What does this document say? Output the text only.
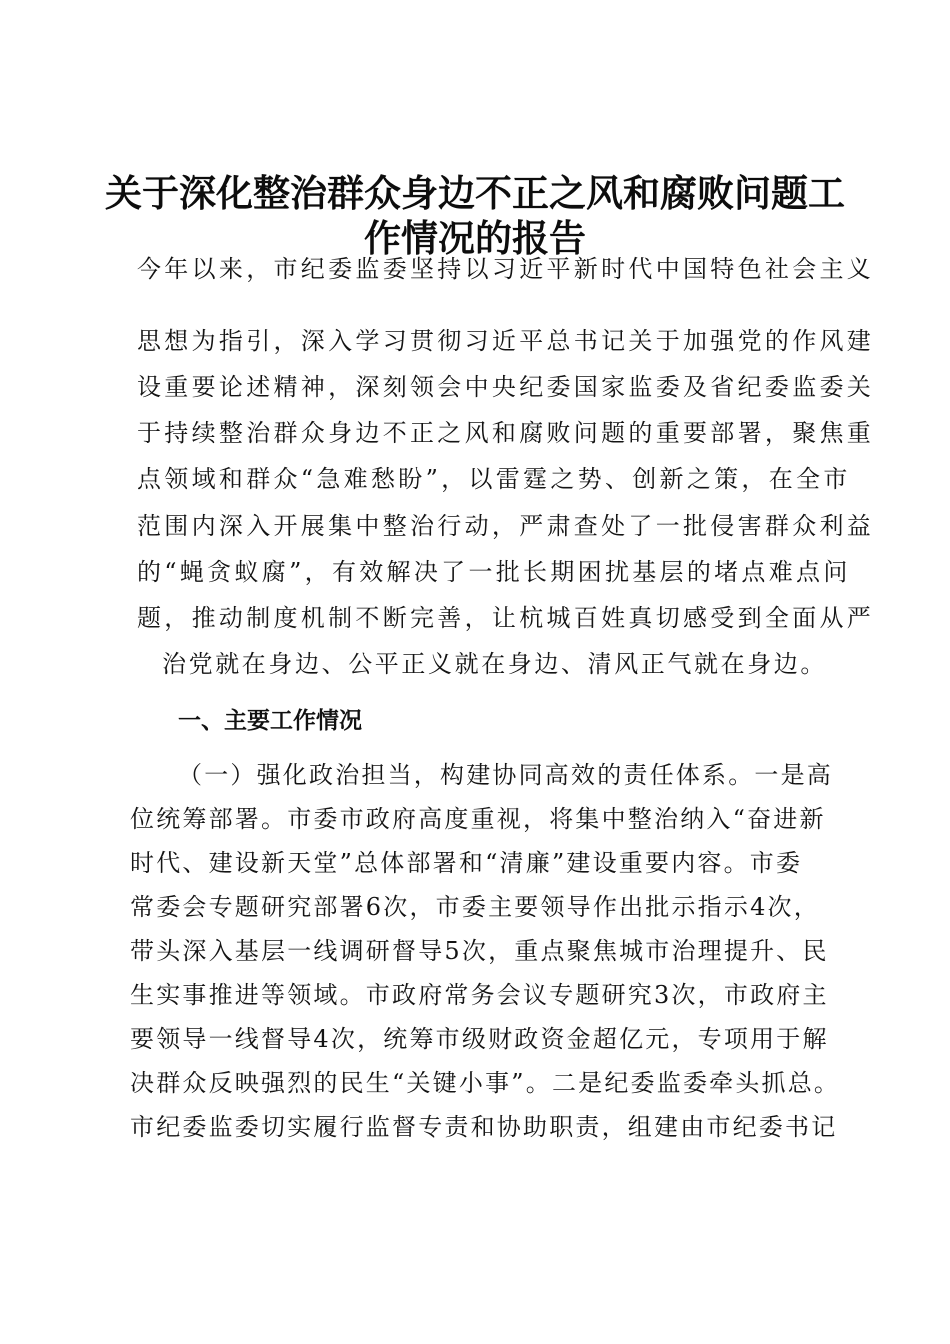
关于深化整治群众身边不正之风和腐败问题工
作情况的报告
今年以来，市纪委监委坚持以习近平新时代中国特色社会主义
思想为指引，深入学习贯彻习近平总书记关于加强党的作风建
设重要论述精神，深刻领会中央纪委国家监委及省纪委监委关
于持续整治群众身边不正之风和腐败问题的重要部署，聚焦重
点领域和群众“急难愁盼”，以雷霆之势、创新之策，在全市
范围内深入开展集中整治行动，严肃查处了一批侵害群众利益
的“蝇贪蚁腐”，有效解决了一批长期困扰基层的堵点难点问
题，推动制度机制不断完善，让杭城百姓真切感受到全面从严
治党就在身边、公平正义就在身边、清风正气就在身边。
一、主要工作情况
（一）强化政治担当，构建协同高效的责任体系。一是高
位统筹部署。市委市政府高度重视，将集中整治纳入“奋进新
时代、建设新天堂”总体部署和“清廉”建设重要内容。市委
常委会专题研究部署6次，市委主要领导作出批示指示4次，
带头深入基层一线调研督导5次，重点聚焦城市治理提升、民
生实事推进等领域。市政府常务会议专题研究3次，市政府主
要领导一线督导4次，统筹市级财政资金超亿元，专项用于解
决群众反映强烈的民生“关键小事”。二是纪委监委牵头抓总。
市纪委监委切实履行监督专责和协助职责，组建由市纪委书记
